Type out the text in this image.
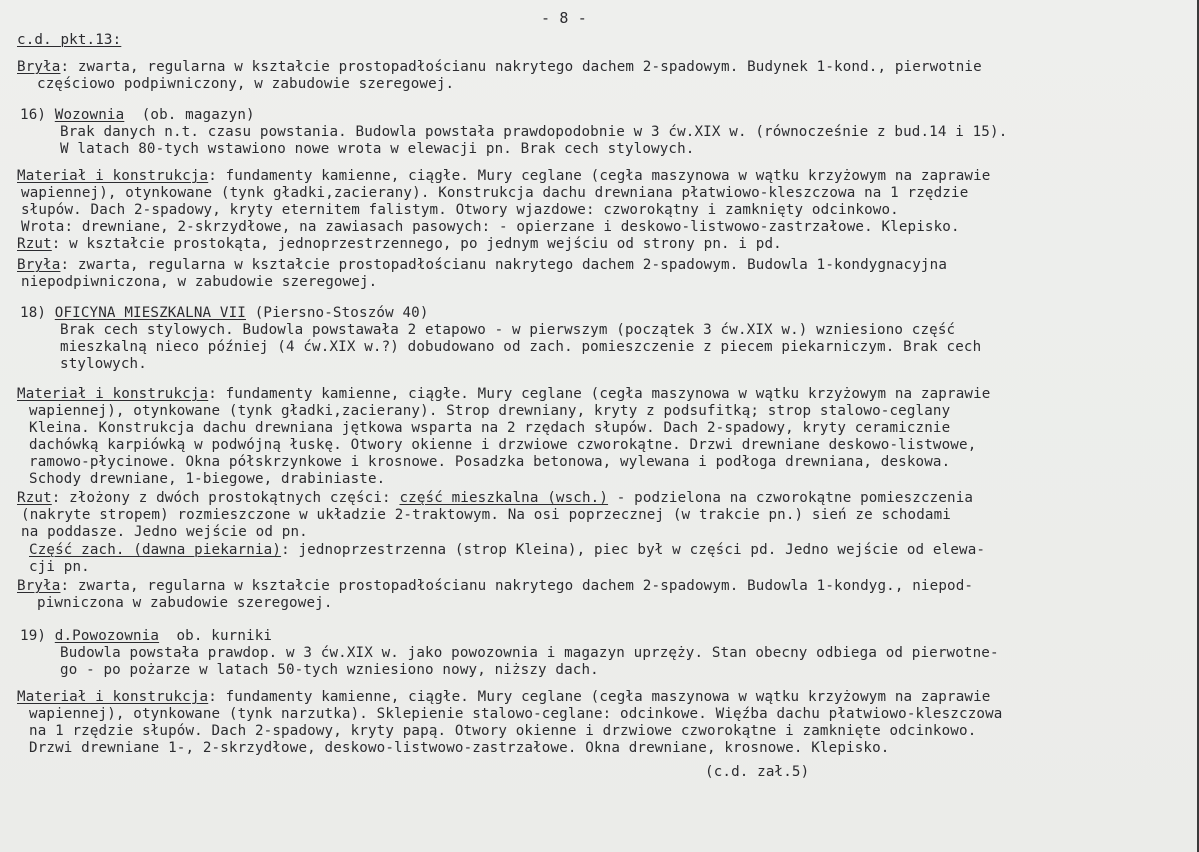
- 8 -
c.d. pkt.13:
Bryła: zwarta, regularna w kształcie prostopadłościanu nakrytego dachem 2-spadowym. Budynek 1-kond., pierwotnie
częściowo podpiwniczony, w zabudowie szeregowej.
16) Wozownia (ob. magazyn)
Brak danych n.t. czasu powstania. Budowla powstała prawdopodobnie w 3 ćw.XIX w. (równocześnie z bud.14 i 15).
W latach 80-tych wstawiono nowe wrota w elewacji pn. Brak cech stylowych.
Materiał i konstrukcja: fundamenty kamienne, ciągłe. Mury ceglane (cegła maszynowa w wątku krzyżowym na zaprawie
wapiennej), otynkowane (tynk gładki,zacierany). Konstrukcja dachu drewniana płatwiowo-kleszczowa na 1 rzędzie
słupów. Dach 2-spadowy, kryty eternitem falistym. Otwory wjazdowe: czworokątny i zamknięty odcinkowo.
Wrota: drewniane, 2-skrzydłowe, na zawiasach pasowych: - opierzane i deskowo-listwowo-zastrzałowe. Klepisko.
Rzut: w kształcie prostokąta, jednoprzestrzennego, po jednym wejściu od strony pn. i pd.
Bryła: zwarta, regularna w kształcie prostopadłościanu nakrytego dachem 2-spadowym. Budowla 1-kondygnacyjna
niepodpiwniczona, w zabudowie szeregowej.
18) OFICYNA MIESZKALNA VII (Piersno-Stoszów 40)
Brak cech stylowych. Budowla powstawała 2 etapowo - w pierwszym (początek 3 ćw.XIX w.) wzniesiono część
mieszkalną nieco później (4 ćw.XIX w.?) dobudowano od zach. pomieszczenie z piecem piekarniczym. Brak cech
stylowych.
Materiał i konstrukcja: fundamenty kamienne, ciągłe. Mury ceglane (cegła maszynowa w wątku krzyżowym na zaprawie
wapiennej), otynkowane (tynk gładki,zacierany). Strop drewniany, kryty z podsufitką; strop stalowo-ceglany
Kleina. Konstrukcja dachu drewniana jętkowa wsparta na 2 rzędach słupów. Dach 2-spadowy, kryty ceramicznie
dachówką karpiówką w podwójną łuskę. Otwory okienne i drzwiowe czworokątne. Drzwi drewniane deskowo-listwowe,
ramowo-płycinowe. Okna półskrzynkowe i krosnowe. Posadzka betonowa, wylewana i podłoga drewniana, deskowa.
Schody drewniane, 1-biegowe, drabiniaste.
Rzut: złożony z dwóch prostokątnych części: część mieszkalna (wsch.) - podzielona na czworokątne pomieszczenia
(nakryte stropem) rozmieszczone w układzie 2-traktowym. Na osi poprzecznej (w trakcie pn.) sień ze schodami
na poddasze. Jedno wejście od pn.
Część zach. (dawna piekarnia): jednoprzestrzenna (strop Kleina), piec był w części pd. Jedno wejście od elewa-
cji pn.
Bryła: zwarta, regularna w kształcie prostopadłościanu nakrytego dachem 2-spadowym. Budowla 1-kondyg., niepod-
piwniczona w zabudowie szeregowej.
19) d.Powozownia ob. kurniki
Budowla powstała prawdop. w 3 ćw.XIX w. jako powozownia i magazyn uprzęży. Stan obecny odbiega od pierwotne-
go - po pożarze w latach 50-tych wzniesiono nowy, niższy dach.
Materiał i konstrukcja: fundamenty kamienne, ciągłe. Mury ceglane (cegła maszynowa w wątku krzyżowym na zaprawie
wapiennej), otynkowane (tynk narzutka). Sklepienie stalowo-ceglane: odcinkowe. Więźba dachu płatwiowo-kleszczowa
na 1 rzędzie słupów. Dach 2-spadowy, kryty papą. Otwory okienne i drzwiowe czworokątne i zamknięte odcinkowo.
Drzwi drewniane 1-, 2-skrzydłowe, deskowo-listwowo-zastrzałowe. Okna drewniane, krosnowe. Klepisko.
(c.d. zał.5)
